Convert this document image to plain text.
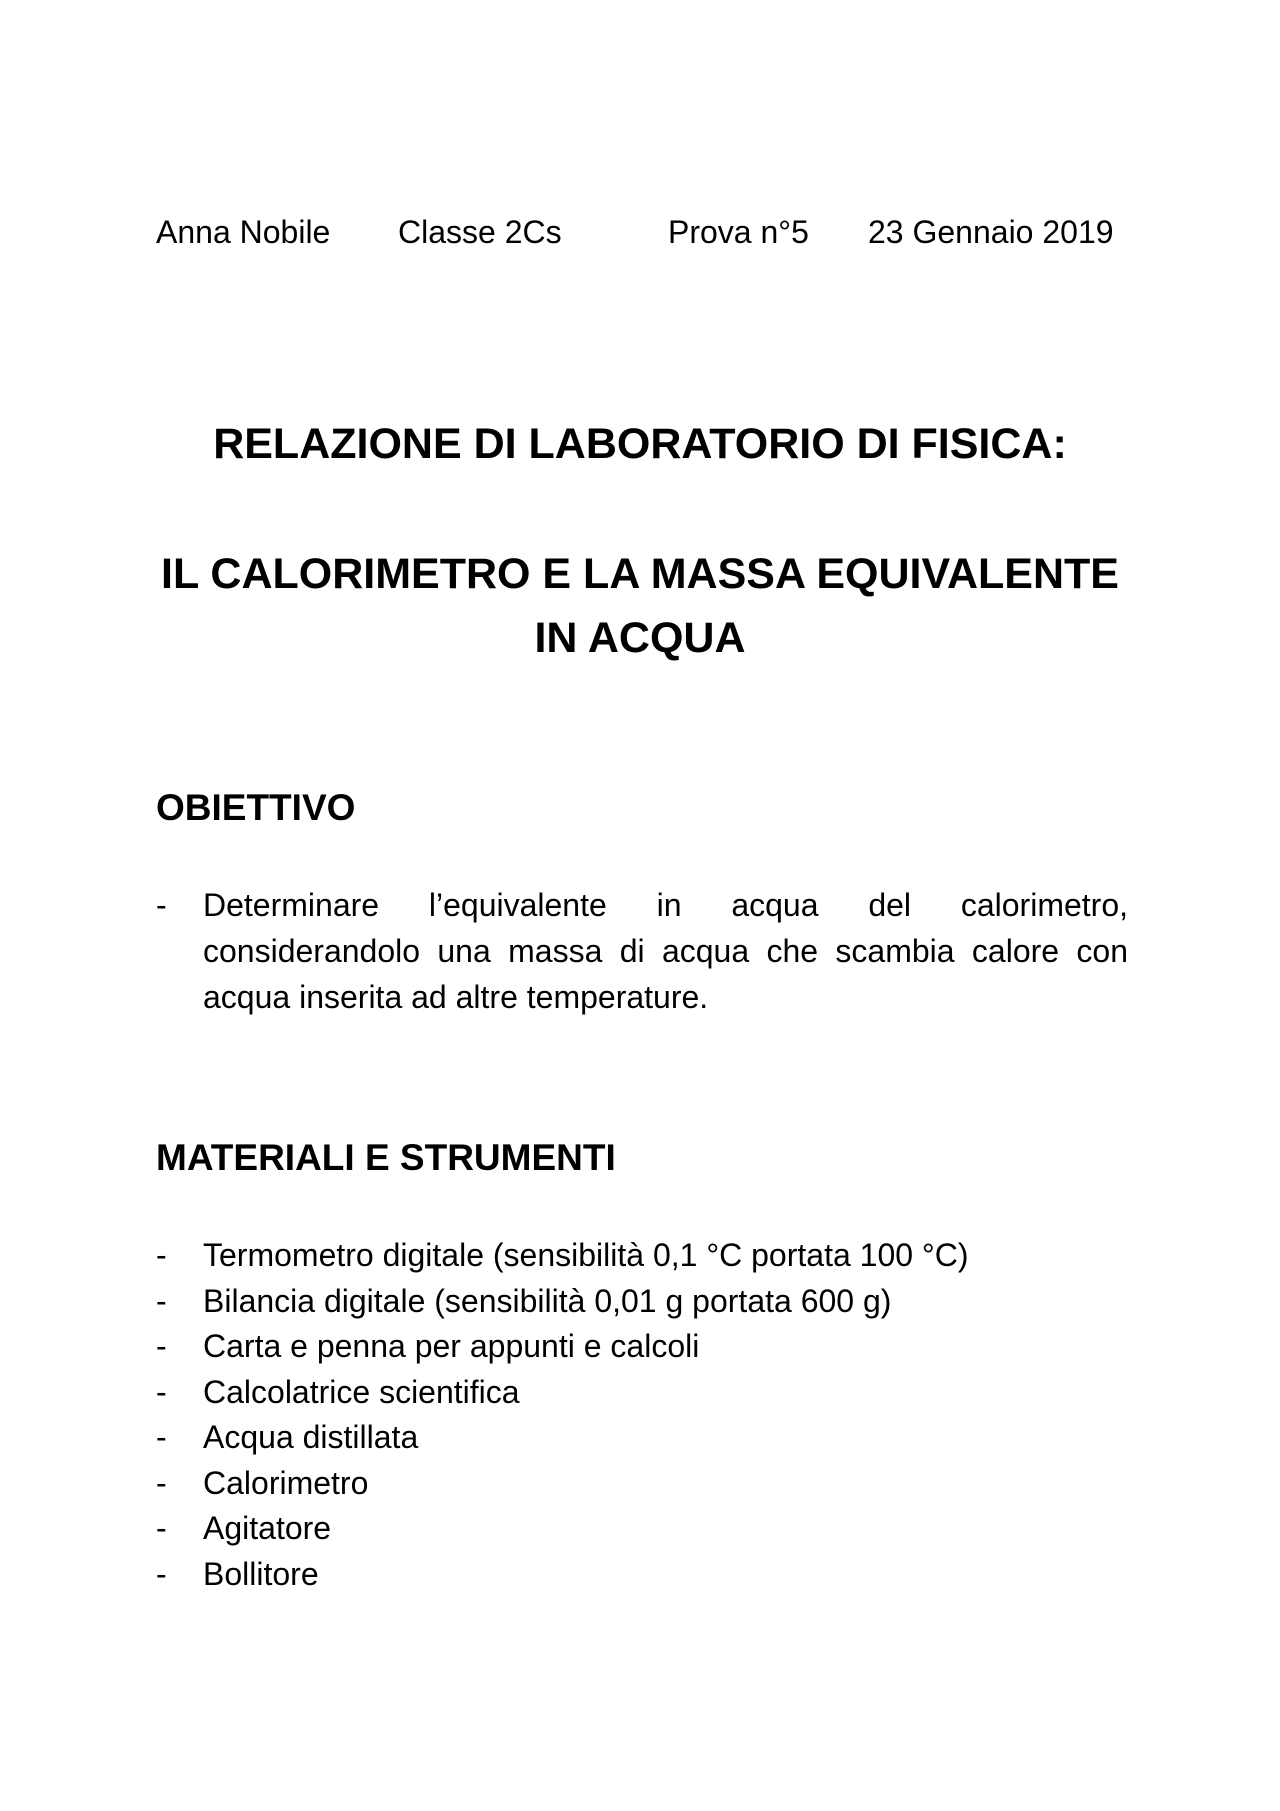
Anna Nobile Classe 2Cs	Prova n°5 23 Gennaio 2019
RELAZIONE DI LABORATORIO DI FISICA:
IL CALORIMETRO E LA MASSA EQUIVALENTE
IN ACQUA
OBIETTIVO
- Determinare l’equivalente in acqua del calorimetro, considerandolo una massa di acqua che scambia calore con acqua inserita ad altre temperature.
MATERIALI E STRUMENTI
- Termometro digitale (sensibilità 0,1 °C portata 100 °C)
- Bilancia digitale (sensibilità 0,01 g portata 600 g)
- Carta e penna per appunti e calcoli
- Calcolatrice scientifica
- Acqua distillata
- Calorimetro
- Agitatore
- Bollitore
